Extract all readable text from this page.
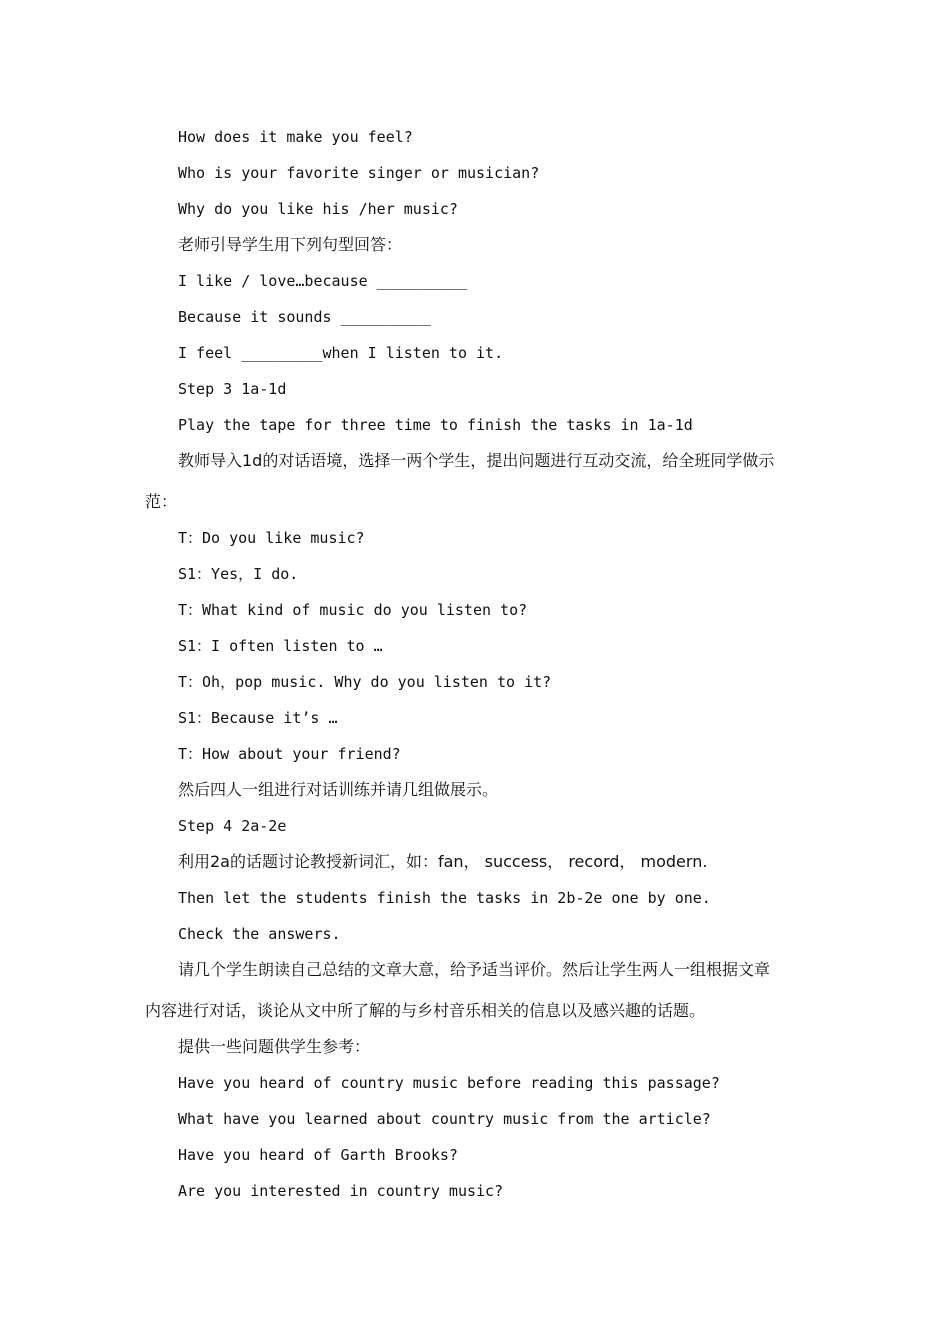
How does it make you feel?
Who is your favorite singer or musician?
Why do you like his /her music?
老师引导学生用下列句型回答：
I like / love…because __________
Because it sounds __________
I feel _________when I listen to it.
Step 3 1a-1d
Play the tape for three time to finish the tasks in 1a-1d
教师导入1d的对话语境，选择一两个学生，提出问题进行互动交流，给全班同学做示
范：
T：Do you like music?
S1：Yes，I do.
T：What kind of music do you listen to?
S1：I often listen to …
T：Oh，pop music. Why do you listen to it?
S1：Because it’s …
T：How about your friend?
然后四人一组进行对话训练并请几组做展示。
Step 4 2a-2e
利用2a的话题讨论教授新词汇，如：fan， success， record， modern.
Then let the students finish the tasks in 2b-2e one by one.
Check the answers.
请几个学生朗读自己总结的文章大意，给予适当评价。然后让学生两人一组根据文章
内容进行对话，谈论从文中所了解的与乡村音乐相关的信息以及感兴趣的话题。
提供一些问题供学生参考：
Have you heard of country music before reading this passage?
What have you learned about country music from the article?
Have you heard of Garth Brooks?
Are you interested in country music?
